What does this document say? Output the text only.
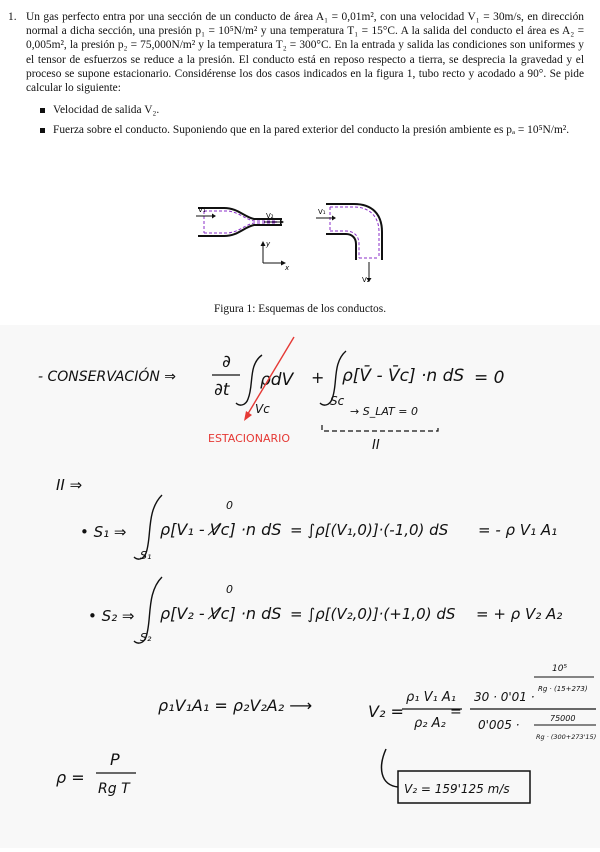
1. Un gas perfecto entra por una sección de un conducto de área A₁ = 0,01m², con una velocidad V₁ = 30m/s, en dirección normal a dicha sección, una presión p₁ = 10⁵N/m² y una temperatura T₁ = 15°C. A la salida del conducto el área es A₂ = 0,005m², la presión p₂ = 75,000N/m² y la temperatura T₂ = 300°C. En la entrada y salida las condiciones son uniformes y el tensor de esfuerzos se reduce a la presión. El conducto está en reposo respecto a tierra, se desprecia la gravedad y el proceso se supone estacionario. Considérense los dos casos indicados en la figura 1, tubo recto y acodado a 90°. Se pide calcular lo siguiente:
Velocidad de salida V₂.
Fuerza sobre el conducto. Suponiendo que en la pared exterior del conducto la presión ambiente es pₐ = 10⁵N/m².
V₁
V₂
y
x
V₁
V₂
Figura 1: Esquemas de los conductos.
- CONSERVACIÓN ⇒
∂
∂t ρdV
Vc
+ ρ[V̄ - V̄c] ·n dS = 0
Sc
→ S_LAT = 0
II
ESTACIONARIO
II ⇒
• S₁ ⇒
S₁
ρ[V₁ - V̸c] ·n dS
0
= ∫ρ[(V₁,0)]·(-1,0) dS = - ρ V₁ A₁
• S₂ ⇒
S₂
ρ[V₂ - V̸c] ·n dS
0
= ∫ρ[(V₂,0)]·(+1,0) dS = + ρ V₂ A₂
ρ₁V₁A₁ = ρ₂V₂A₂ ⟶	V₂ =
ρ₁ V₁ A₁
ρ₂ A₂
30 · 0'01 ·
10⁵
Rg · (15+273)
0'005 ·	75000
Rg · (300+273'15)
=
ρ =
P
Rg T	V₂ = 159'125 m/s
